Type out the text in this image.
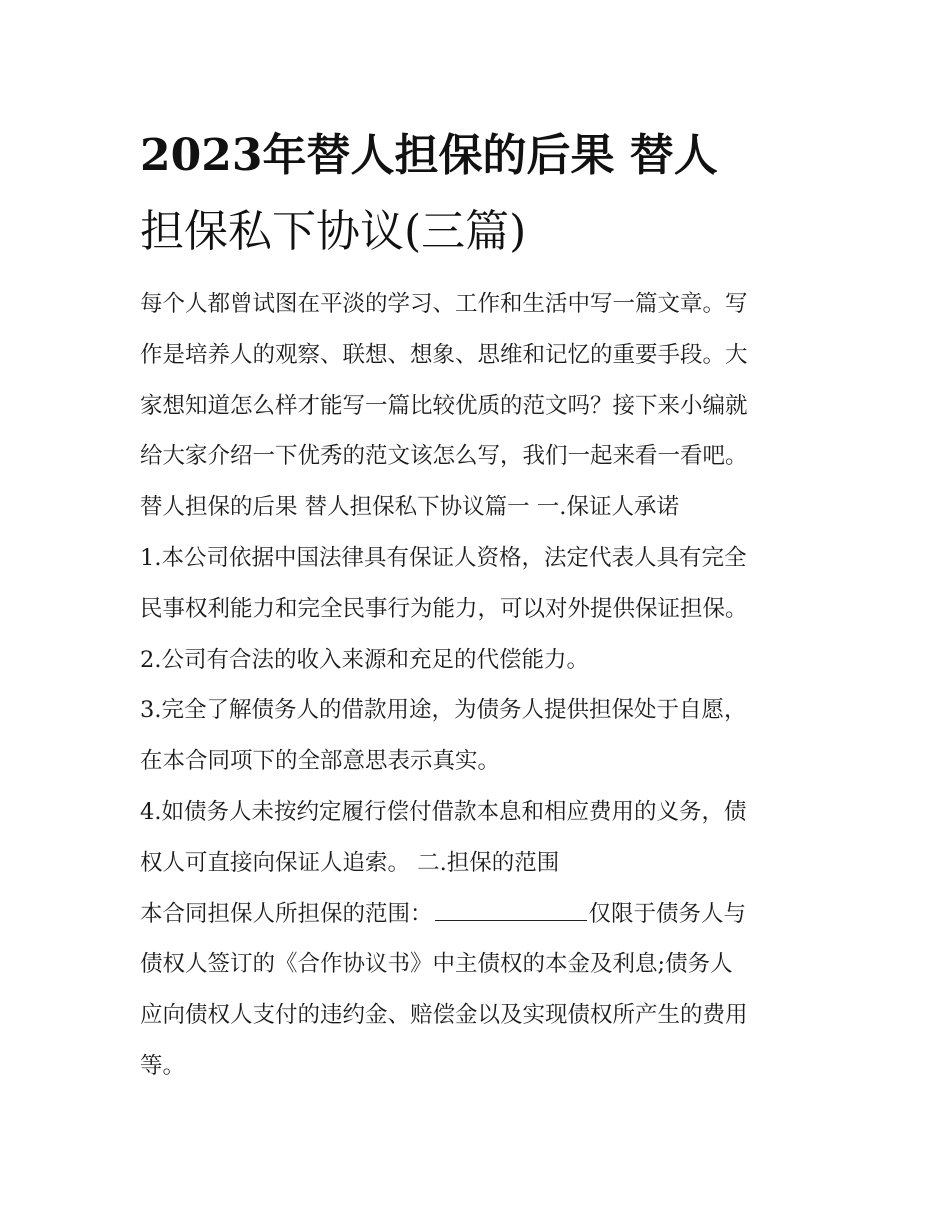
2023年替人担保的后果 替人
担保私下协议(三篇)
每个人都曾试图在平淡的学习、工作和生活中写一篇文章。写
作是培养人的观察、联想、想象、思维和记忆的重要手段。大
家想知道怎么样才能写一篇比较优质的范文吗？接下来小编就
给大家介绍一下优秀的范文该怎么写，我们一起来看一看吧。
替人担保的后果 替人担保私下协议篇一 一.保证人承诺
1.本公司依据中国法律具有保证人资格，法定代表人具有完全
民事权利能力和完全民事行为能力，可以对外提供保证担保。
2.公司有合法的收入来源和充足的代偿能力。
3.完全了解债务人的借款用途，为债务人提供担保处于自愿，
在本合同项下的全部意思表示真实。
4.如债务人未按约定履行偿付借款本息和相应费用的义务，债
权人可直接向保证人追索。 二.担保的范围
本合同担保人所担保的范围：	仅限于债务人与
债权人签订的《合作协议书》中主债权的本金及利息;债务人
应向债权人支付的违约金、赔偿金以及实现债权所产生的费用
等。
